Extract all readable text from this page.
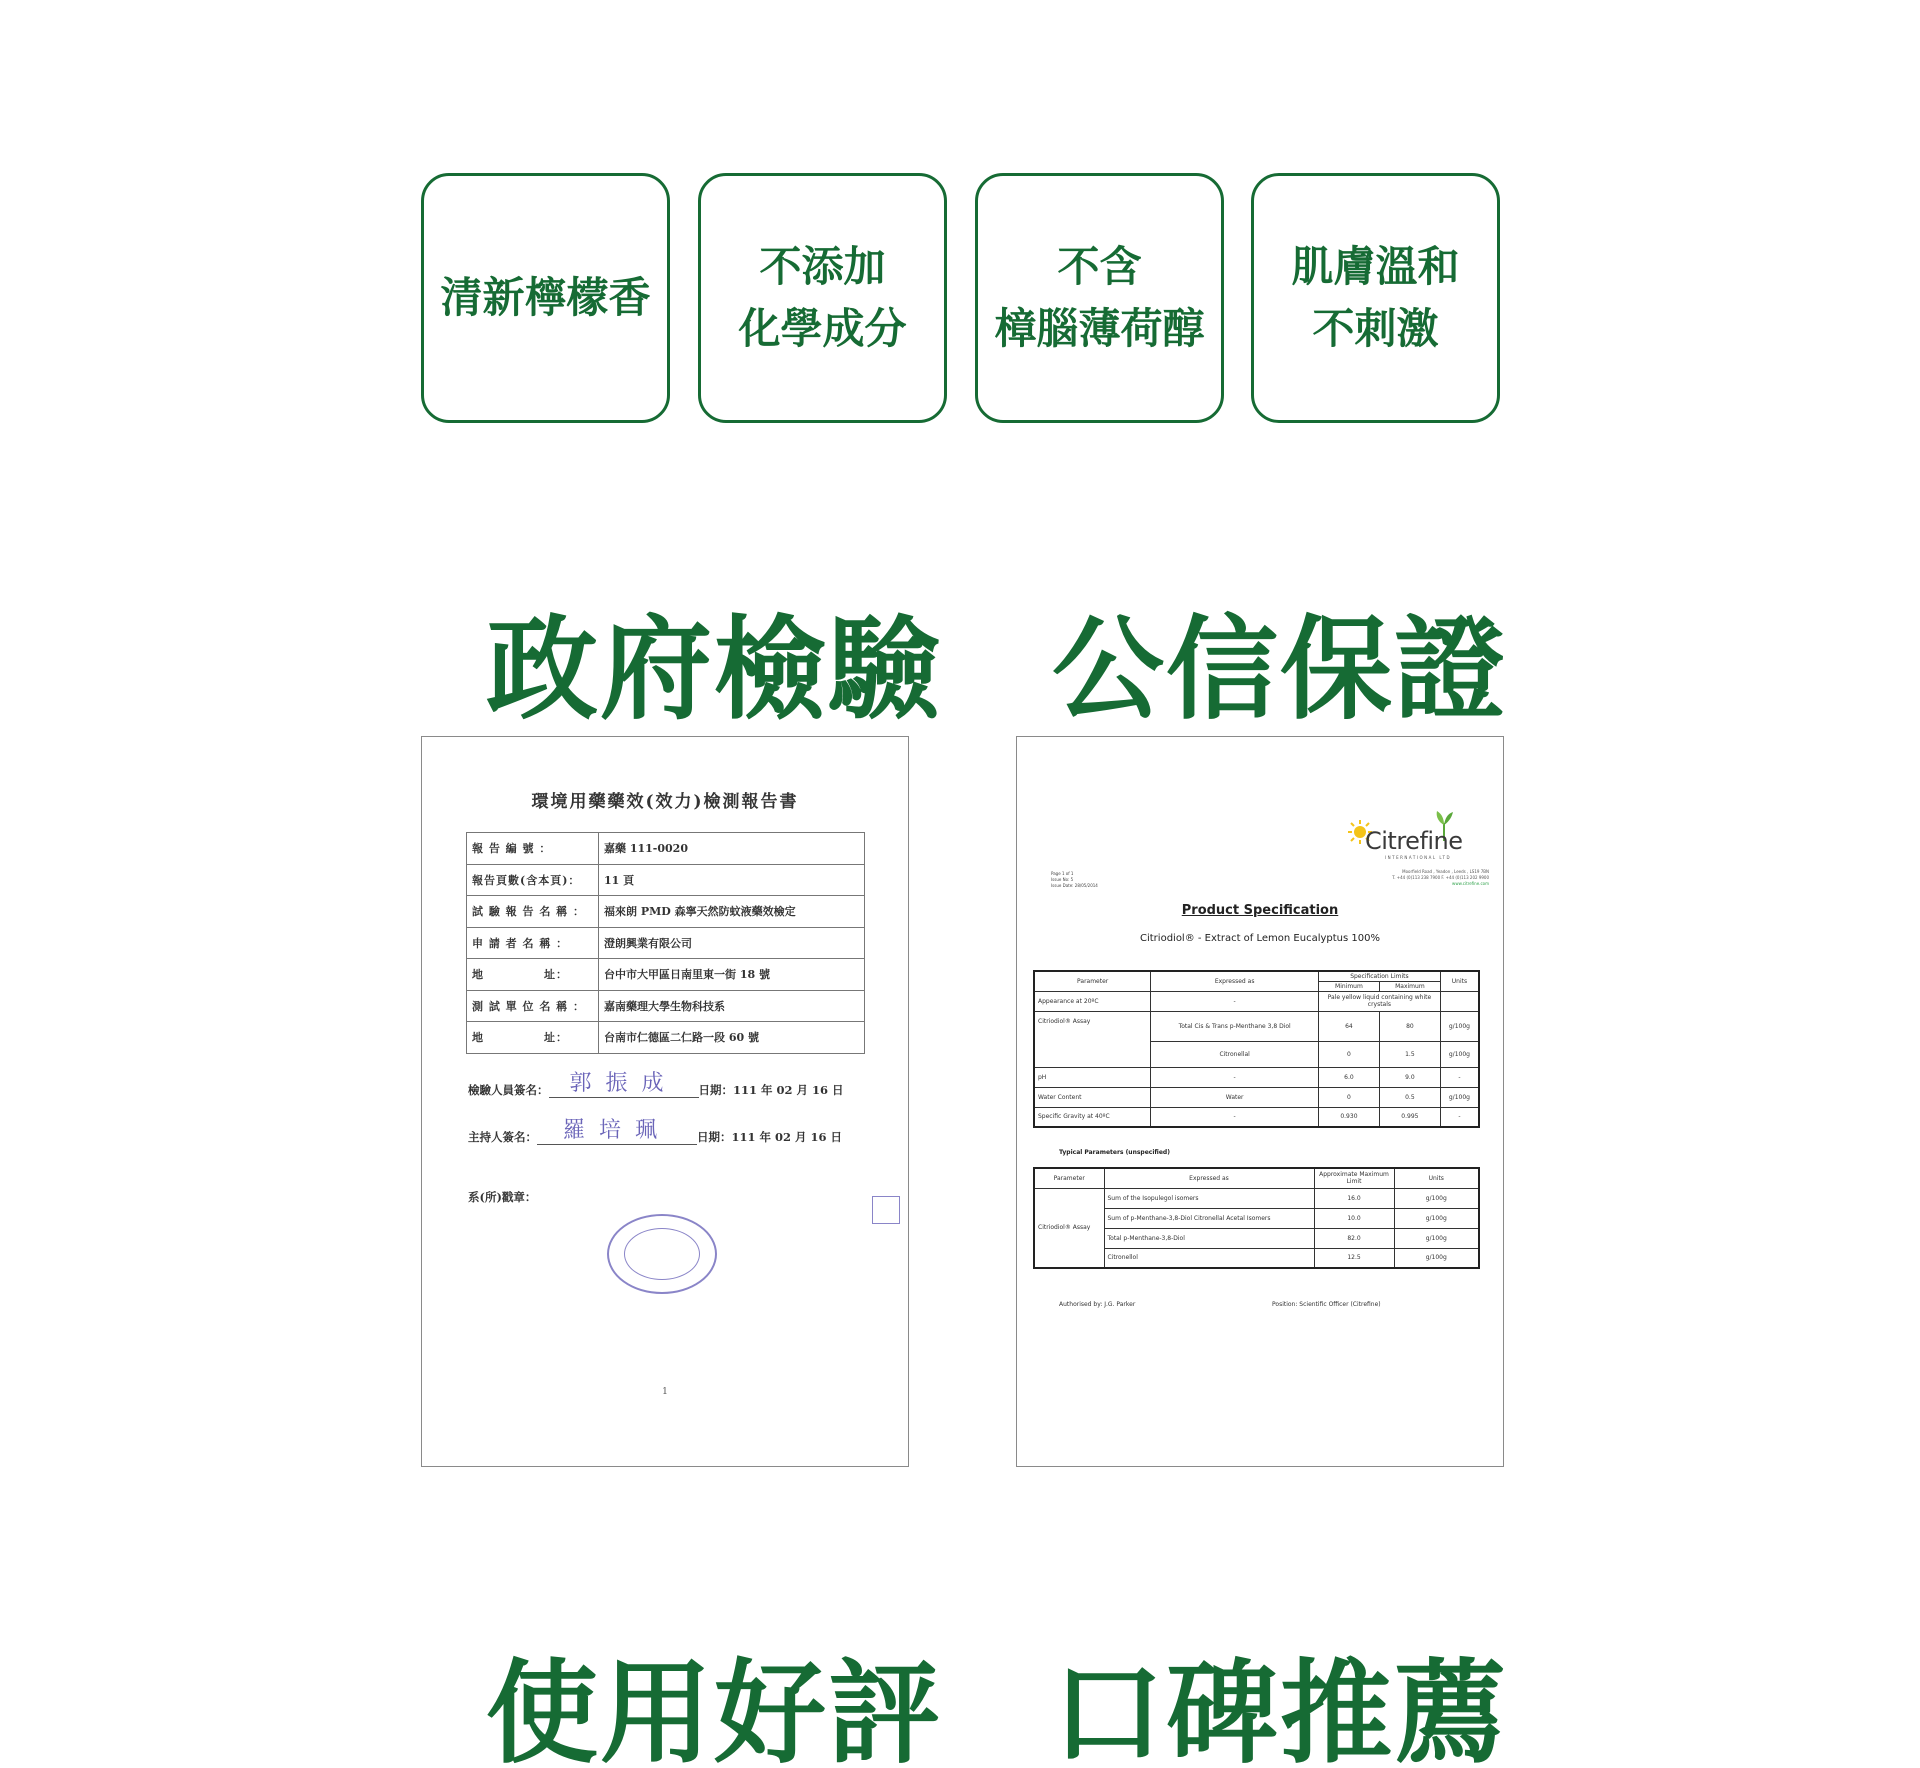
清新檸檬香
不添加
化學成分
不含
樟腦薄荷醇
肌膚溫和
不刺激
政府檢驗 公信保證
環境用藥藥效(效力)檢測報告書
報 告 編 號 ：	嘉藥 111-0020
報告頁數(含本頁)：	11 頁
試 驗 報 告 名 稱 ：	福來朗 PMD 森寧天然防蚊液藥效檢定
申 請 者 名 稱 ：	澄朗興業有限公司
地　　　　　址：	台中市大甲區日南里東一街 18 號
測 試 單 位 名 稱 ：	嘉南藥理大學生物科技系
地　　　　　址：	台南市仁德區二仁路一段 60 號
檢驗人員簽名： 郭振成 日期：111 年 02 月 16 日
主持人簽名： 羅培珮 日期：111 年 02 月 16 日
系(所)戳章：
1
Citrefine
INTERNATIONAL LTD
Moorfield Road , Yeadon , Leeds , LS19 7BN
T. +44 (0)113 238 7900 F. +44 (0)113 202 9900
www.citrefine.com
Page 1 of 1
Issue No: 5
Issue Date: 28/05/2014
Product Specification
Citriodiol® - Extract of Lemon Eucalyptus 100%
Parameter	Expressed as	Specification Limits		Units
		Minimum	Maximum	
Appearance at 20ºC	-	Pale yellow liquid containing white crystals		
Citriodiol® Assay	Total Cis & Trans p-Menthane 3,8 Diol	64	80	g/100g
	Citronellal	0	1.5	g/100g
pH	-	6.0	9.0	-
Water Content	Water	0	0.5	g/100g
Specific Gravity at 40ºC	-	0.930	0.995	-
Typical Parameters (unspecified)
Parameter	Expressed as	Approximate Maximum Limit	Units
Citriodiol® Assay	Sum of the Isopulegol isomers	16.0	g/100g
	Sum of p-Menthane-3,8-Diol Citronellal Acetal Isomers	10.0	g/100g
	Total p-Menthane-3,8-Diol	82.0	g/100g
	Citronellol	12.5	g/100g
Authorised by: J.G. Parker	Position: Scientific Officer (Citrefine)
使用好評 口碑推薦
